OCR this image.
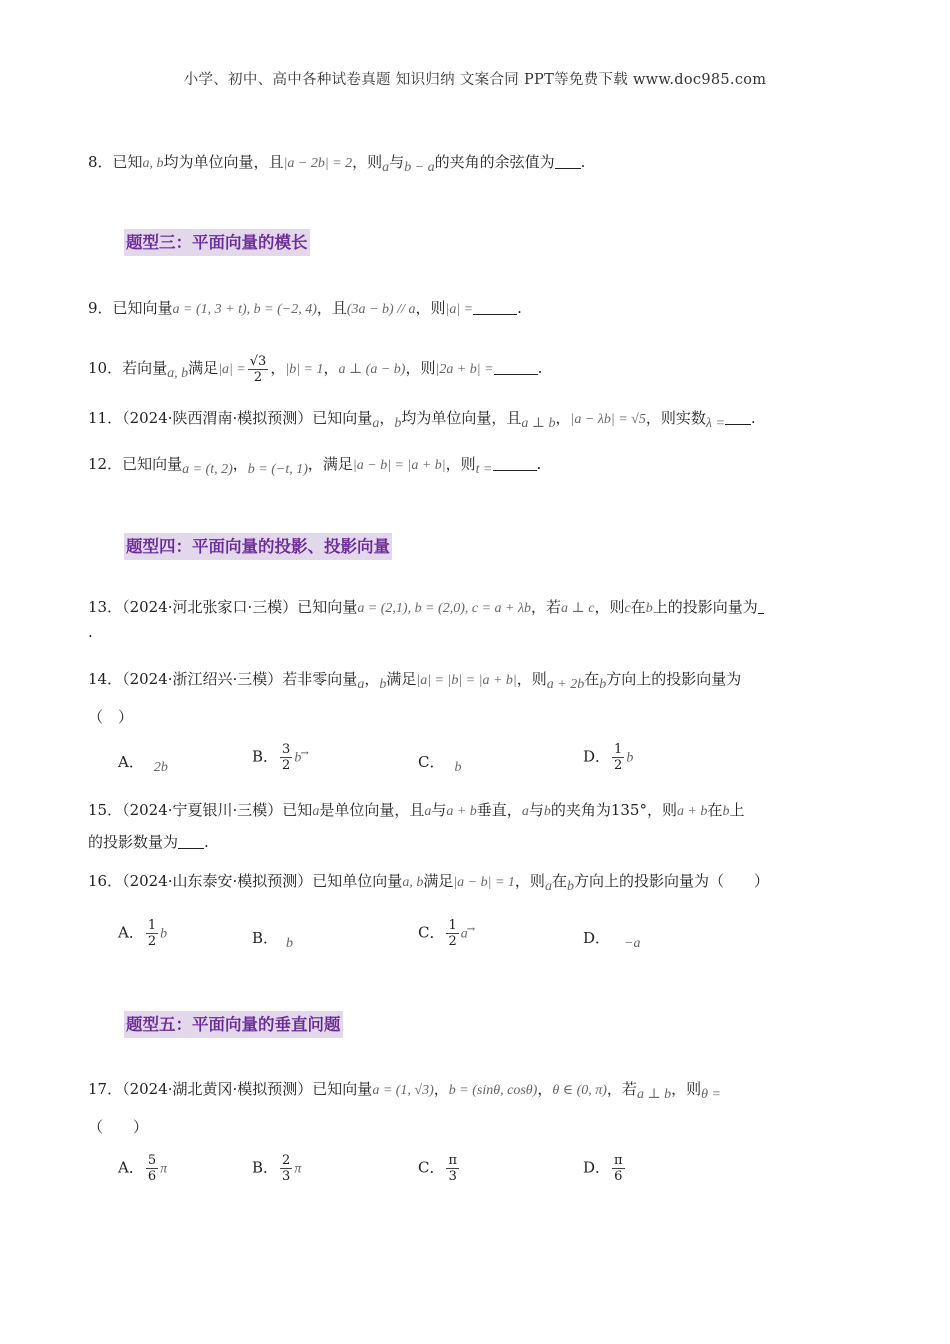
小学、初中、高中各种试卷真题 知识归纳 文案合同 PPT等免费下载 www.doc985.com
8．已知a, b均为单位向量，且|a − 2b| = 2，则a与b − a的夹角的余弦值为 .
题型三：平面向量的模长
9．已知向量a = (1, 3 + t), b = (−2, 4)，且(3a − b) // a，则|a| =	.
10．若向量a, b满足$|a| = \frac{√3}{2}$ ，|b| = 1，a ⊥ (a − b)，则|2a + b| =	.
11．（2024·陕西渭南·模拟预测）已知向量a，b均为单位向量，且a ⊥ b，|a − λb| = √5，则实数λ = .
12．已知向量a = (t, 2)，b = (−t, 1)，满足|a − b| = |a + b|，则t =	.
题型四：平面向量的投影、投影向量
13．（2024·河北张家口·三模）已知向量a = (2,1), b = (2,0), c = a + λb，若a ⊥ c，则c在b上的投影向量为
.
14．（2024·浙江绍兴·三模）若非零向量a，b满足|a| = |b| = |a + b|，则a + 2b在b方向上的投影向量为
（　）
A． 2b
B． $\frac{3}{2} b^\to$	C． b
D． $\frac{1}{2}$ b
15．（2024·宁夏银川·三模）已知a是单位向量，且a与a + b垂直，a与b的夹角为135°，则a + b在b上
的投影数量为 .
16．（2024·山东泰安·模拟预测）已知单位向量a, b满足|a − b| = 1，则a在b方向上的投影向量为（　　）
A． $\frac{1}{2}$ b	B． b
C． $\frac{1}{2} a^\to$	D． −a
题型五：平面向量的垂直问题
17．（2024·湖北黄冈·模拟预测）已知向量a = (1, √3)，b = (sinθ, cosθ)，θ ∈ (0, π)，若a ⊥ b，则θ =
（　　）
A． $\frac{5}{6}$ π	B． $\frac{2}{3}$ π	C． $\frac{\pi}{3}$	D． $\frac{\pi}{6}$
